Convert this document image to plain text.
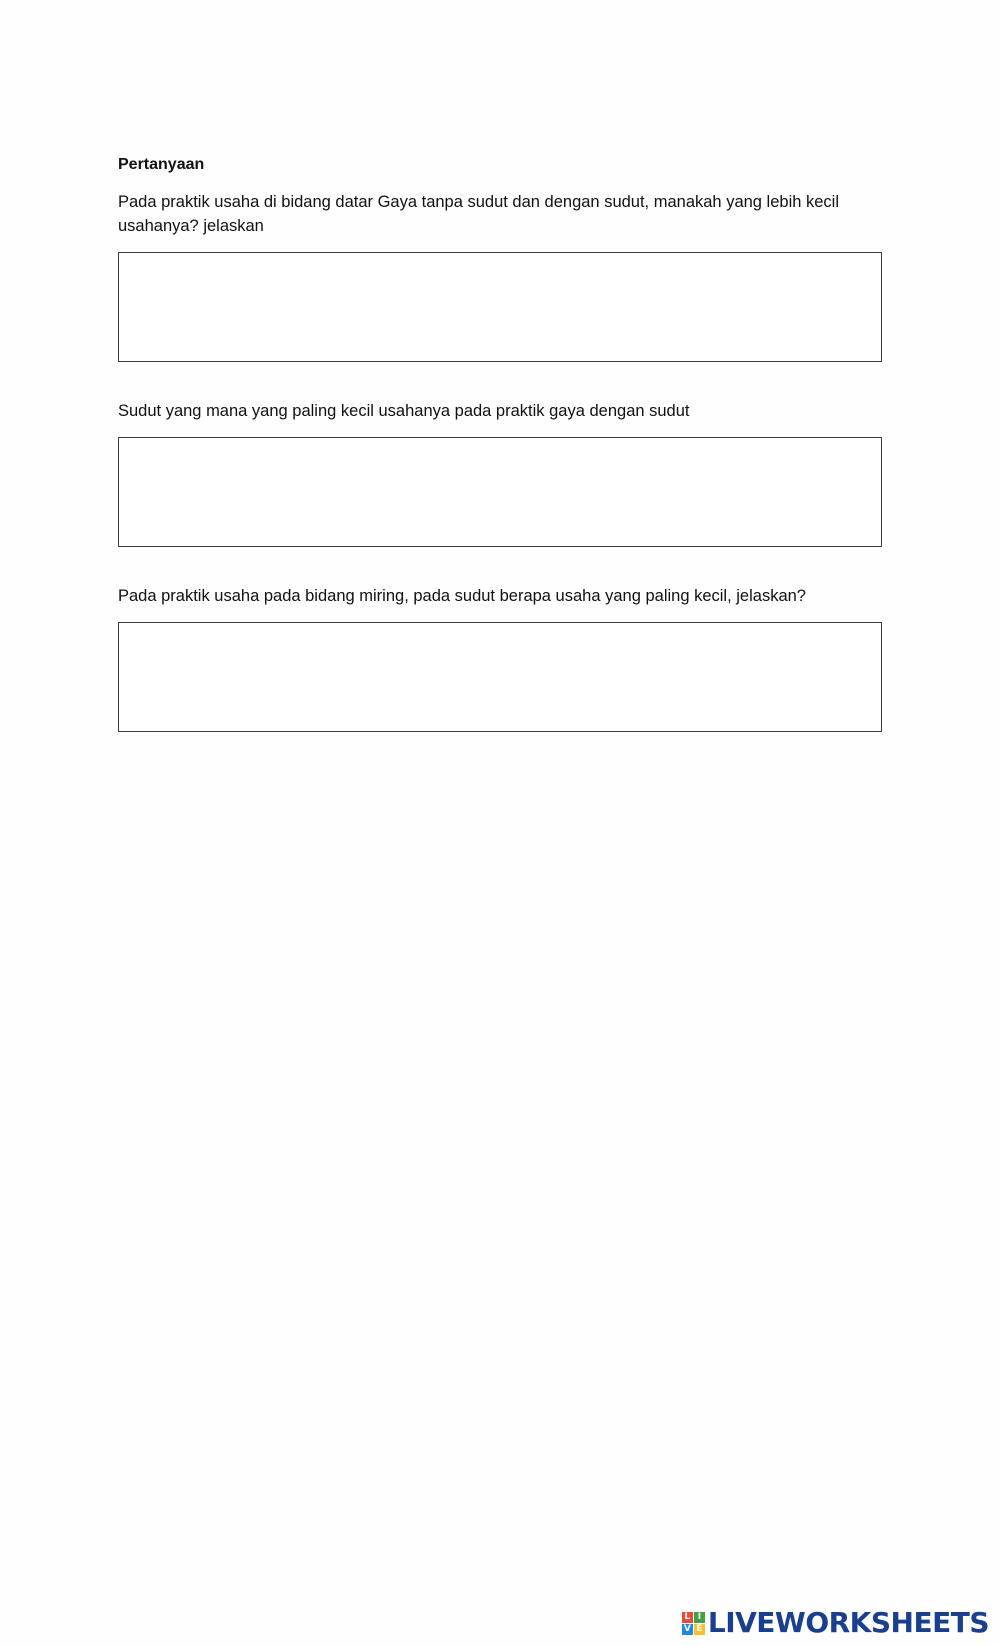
Pertanyaan
Pada praktik usaha di bidang datar Gaya tanpa sudut dan dengan sudut, manakah yang lebih kecil usahanya? jelaskan
Sudut yang mana yang paling kecil usahanya pada praktik gaya dengan sudut
Pada praktik usaha pada bidang miring, pada sudut berapa usaha yang paling kecil, jelaskan?
L I
V E LIVEWORKSHEETS
